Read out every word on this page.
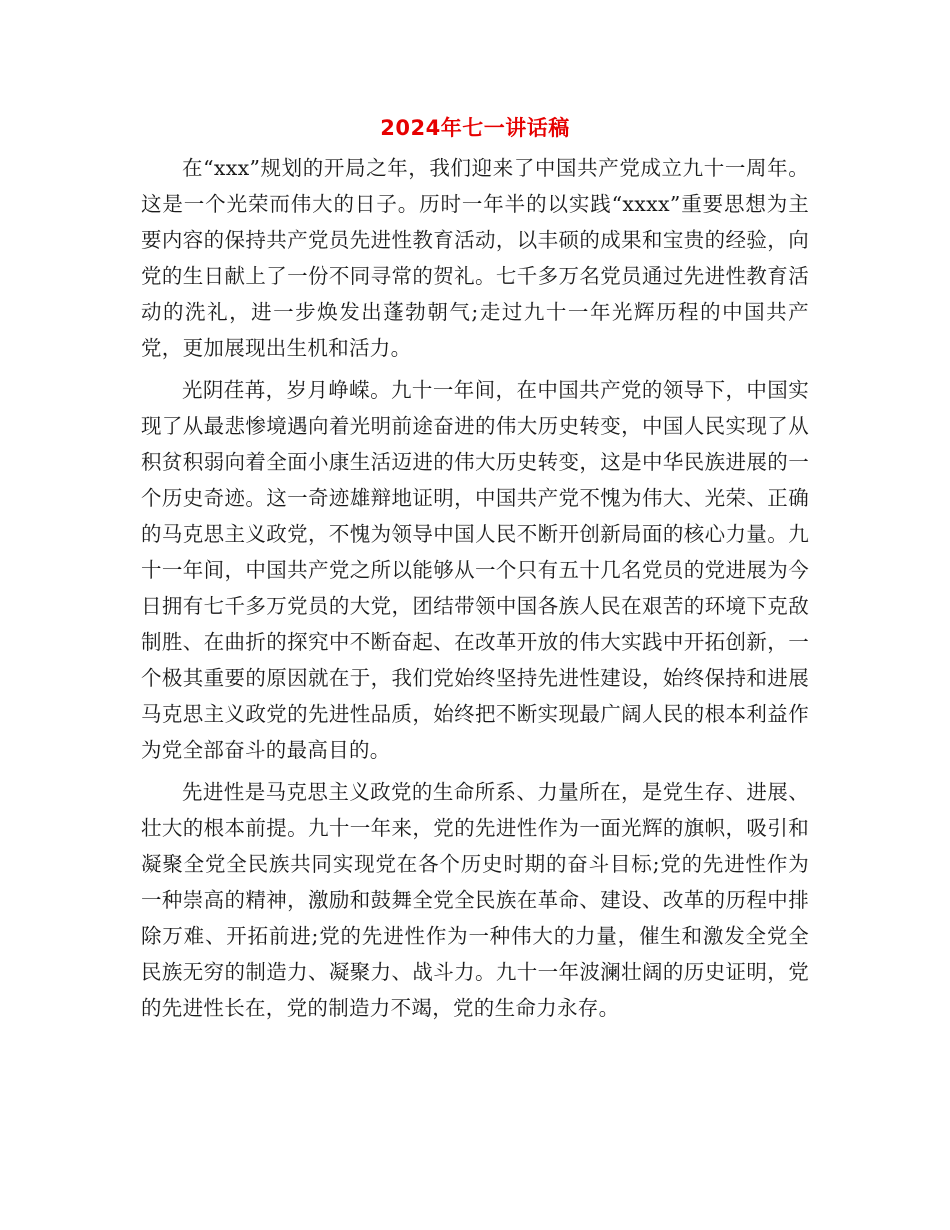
2024年七一讲话稿

在“xxx”规划的开局之年，我们迎来了中国共产党成立九十一周年。这是一个光荣而伟大的日子。历时一年半的以实践“xxxx”重要思想为主要内容的保持共产党员先进性教育活动，以丰硕的成果和宝贵的经验，向党的生日献上了一份不同寻常的贺礼。七千多万名党员通过先进性教育活动的洗礼，进一步焕发出蓬勃朝气;走过九十一年光辉历程的中国共产党，更加展现出生机和活力。

光阴荏苒，岁月峥嵘。九十一年间，在中国共产党的领导下，中国实现了从最悲惨境遇向着光明前途奋进的伟大历史转变，中国人民实现了从积贫积弱向着全面小康生活迈进的伟大历史转变，这是中华民族进展的一个历史奇迹。这一奇迹雄辩地证明，中国共产党不愧为伟大、光荣、正确的马克思主义政党，不愧为领导中国人民不断开创新局面的核心力量。九十一年间，中国共产党之所以能够从一个只有五十几名党员的党进展为今日拥有七千多万党员的大党，团结带领中国各族人民在艰苦的环境下克敌制胜、在曲折的探究中不断奋起、在改革开放的伟大实践中开拓创新，一个极其重要的原因就在于，我们党始终坚持先进性建设，始终保持和进展马克思主义政党的先进性品质，始终把不断实现最广阔人民的根本利益作为党全部奋斗的最高目的。

先进性是马克思主义政党的生命所系、力量所在，是党生存、进展、壮大的根本前提。九十一年来，党的先进性作为一面光辉的旗帜，吸引和凝聚全党全民族共同实现党在各个历史时期的奋斗目标;党的先进性作为一种崇高的精神，激励和鼓舞全党全民族在革命、建设、改革的历程中排除万难、开拓前进;党的先进性作为一种伟大的力量，催生和激发全党全民族无穷的制造力、凝聚力、战斗力。九十一年波澜壮阔的历史证明，党的先进性长在，党的制造力不竭，党的生命力永存。
